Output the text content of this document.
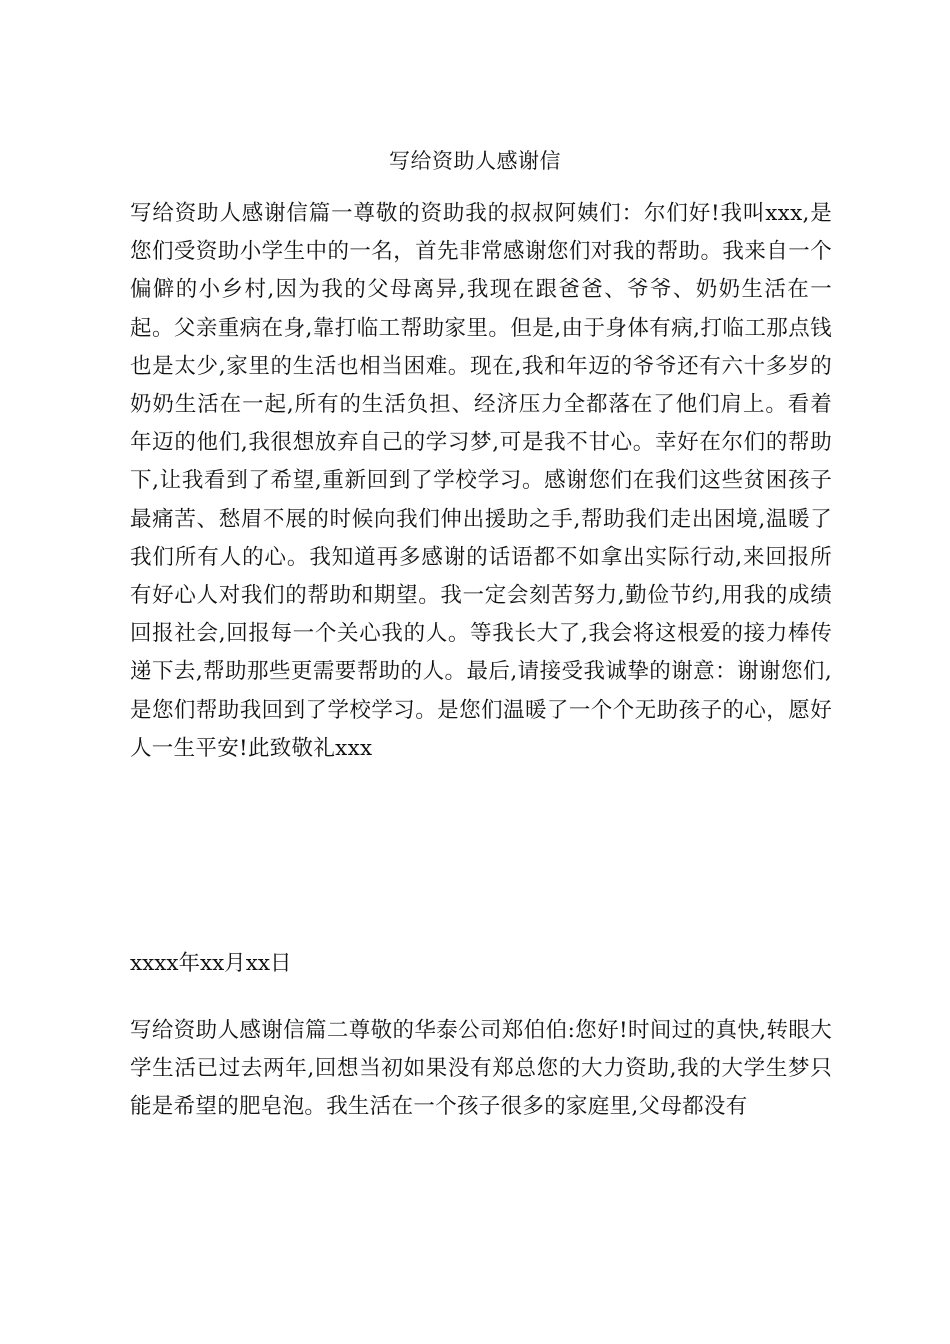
写给资助人感谢信

写给资助人感谢信篇一尊敬的资助我的叔叔阿姨们：尔们好!我叫xxx,是您们受资助小学生中的一名，首先非常感谢您们对我的帮助。我来自一个偏僻的小乡村,因为我的父母离异,我现在跟爸爸、爷爷、奶奶生活在一起。父亲重病在身,靠打临工帮助家里。但是,由于身体有病,打临工那点钱也是太少,家里的生活也相当困难。现在,我和年迈的爷爷还有六十多岁的奶奶生活在一起,所有的生活负担、经济压力全都落在了他们肩上。看着年迈的他们,我很想放弃自己的学习梦,可是我不甘心。幸好在尔们的帮助下,让我看到了希望,重新回到了学校学习。感谢您们在我们这些贫困孩子最痛苦、愁眉不展的时候向我们伸出援助之手,帮助我们走出困境,温暖了我们所有人的心。我知道再多感谢的话语都不如拿出实际行动,来回报所有好心人对我们的帮助和期望。我一定会刻苦努力,勤俭节约,用我的成绩回报社会,回报每一个关心我的人。等我长大了,我会将这根爱的接力棒传递下去,帮助那些更需要帮助的人。最后,请接受我诚挚的谢意：谢谢您们,是您们帮助我回到了学校学习。是您们温暖了一个个无助孩子的心，愿好人一生平安!此致敬礼xxx

xxxx年xx月xx日

写给资助人感谢信篇二尊敬的华泰公司郑伯伯:您好!时间过的真快,转眼大学生活已过去两年,回想当初如果没有郑总您的大力资助,我的大学生梦只能是希望的肥皂泡。我生活在一个孩子很多的家庭里,父母都没有
